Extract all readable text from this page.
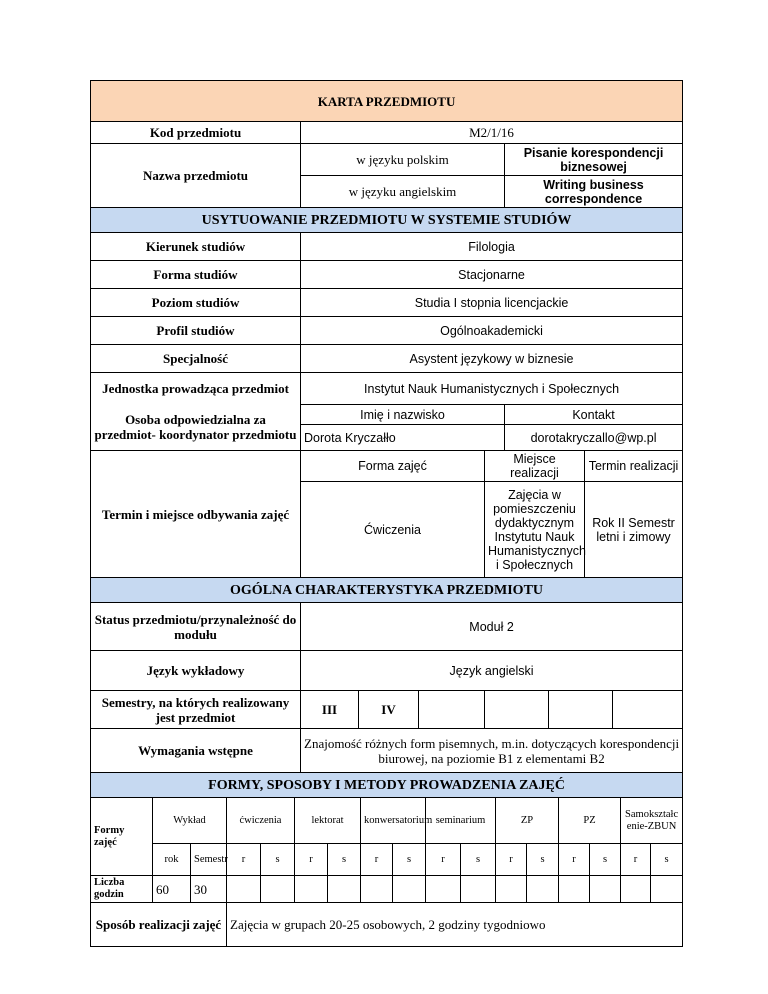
KARTA PRZEDMIOTU				
Kod przedmiotu	M2/1/16			
Nazwa przedmiotu	w języku polskim		Pisanie korespondencji biznesowej	
	w języku angielskim		Writing business correspondence	
USYTUOWANIE PRZEDMIOTU W SYSTEMIE STUDIÓW				
Kierunek studiów	Filologia			
Forma studiów	Stacjonarne			
Poziom studiów	Studia I stopnia licencjackie			
Profil studiów	Ogólnoakademicki			
Specjalność	Asystent językowy w biznesie			
Jednostka prowadząca przedmiot	Instytut Nauk Humanistycznych i Społecznych			
Osoba odpowiedzialna za przedmiot- koordynator przedmiotu	Imię i nazwisko		Kontakt	
	Dorota Kryczałło		dorotakryczallo@wp.pl	
Termin i miejsce odbywania zajęć	Forma zajęć	Miejsce realizacji		Termin realizacji
	Ćwiczenia	Zajęcia w pomieszczeniu dydaktycznym Instytutu Nauk Humanistycznych i Społecznych		Rok II Semestr letni i zimowy
OGÓLNA CHARAKTERYSTYKA PRZEDMIOTU						
Status przedmiotu/przynależność do modułu	Moduł 2					
Język wykładowy	Język angielski					
Semestry, na których realizowany jest przedmiot	III	IV				
Wymagania wstępne	Znajomość różnych form pisemnych, m.in. dotyczących korespondencji biurowej, na poziomie B1 z elementami B2					
FORMY, SPOSOBY I METODY PROWADZENIA ZAJĘĆ																
Formy zajęć	Wykład		ćwiczenia		lektorat		konwersatorium		seminarium		ZP		PZ		Samokształcenie-ZBUN	
	rok	Semestr	r	s	r	s	r	s	r	s	r	s	r	s	r	s
Liczba godzin	60	30														
Sposób realizacji zajęć			Zajęcia w grupach 20-25 osobowych, 2 godziny tygodniowo													
